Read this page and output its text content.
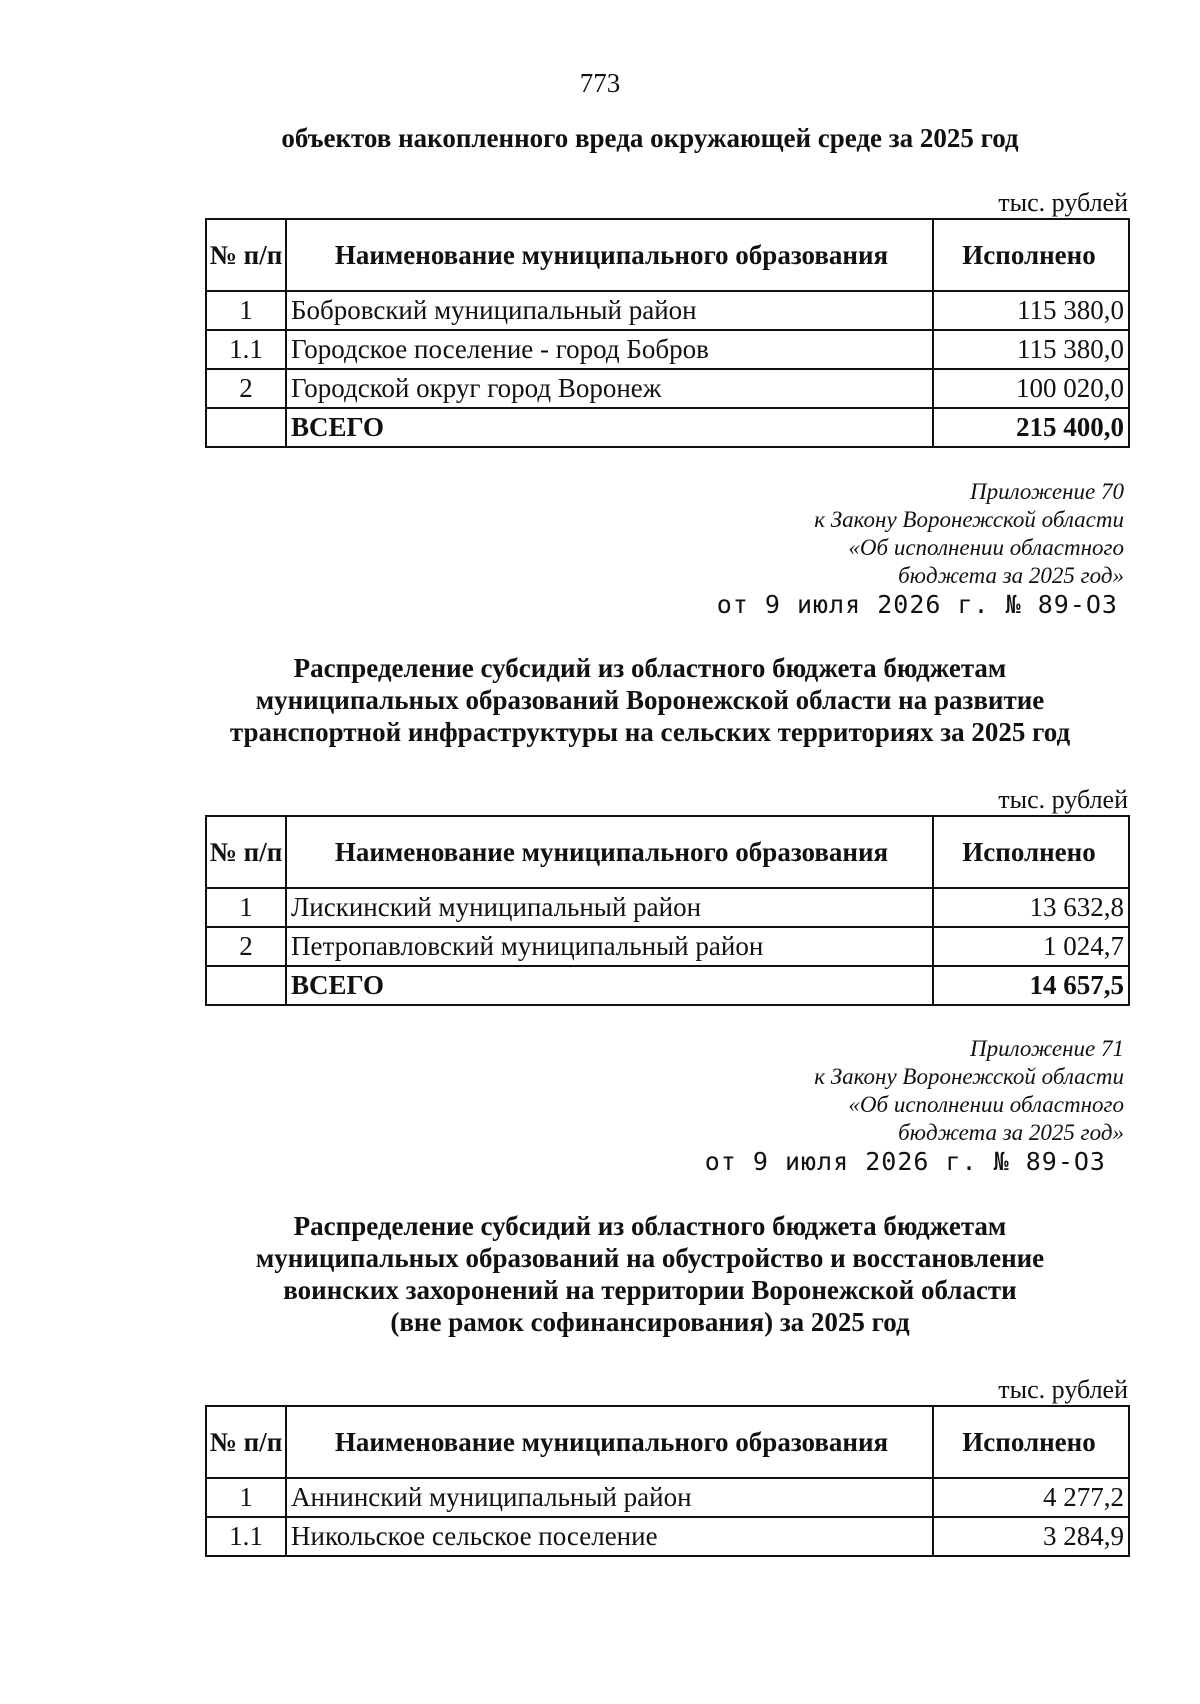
773
объектов накопленного вреда окружающей среде за 2025 год
тыс. рублей
№ п/п	Наименование муниципального образования	Исполнено
1	Бобровский муниципальный район	115 380,0
1.1	Городское поселение - город Бобров	115 380,0
2	Городской округ город Воронеж	100 020,0
	ВСЕГО	215 400,0
Приложение 70
к Закону Воронежской области
«Об исполнении областного
бюджета за 2025 год»
от 9 июля 2026 г. № 89-ОЗ
Распределение субсидий из областного бюджета бюджетам
муниципальных образований Воронежской области на развитие
транспортной инфраструктуры на сельских территориях за 2025 год
тыс. рублей
№ п/п	Наименование муниципального образования	Исполнено
1	Лискинский муниципальный район	13 632,8
2	Петропавловский муниципальный район	1 024,7
	ВСЕГО	14 657,5
Приложение 71
к Закону Воронежской области
«Об исполнении областного
бюджета за 2025 год»
от 9 июля 2026 г. № 89-ОЗ
Распределение субсидий из областного бюджета бюджетам
муниципальных образований на обустройство и восстановление
воинских захоронений на территории Воронежской области
(вне рамок софинансирования) за 2025 год
тыс. рублей
№ п/п	Наименование муниципального образования	Исполнено
1	Аннинский муниципальный район	4 277,2
1.1	Никольское сельское поселение	3 284,9
